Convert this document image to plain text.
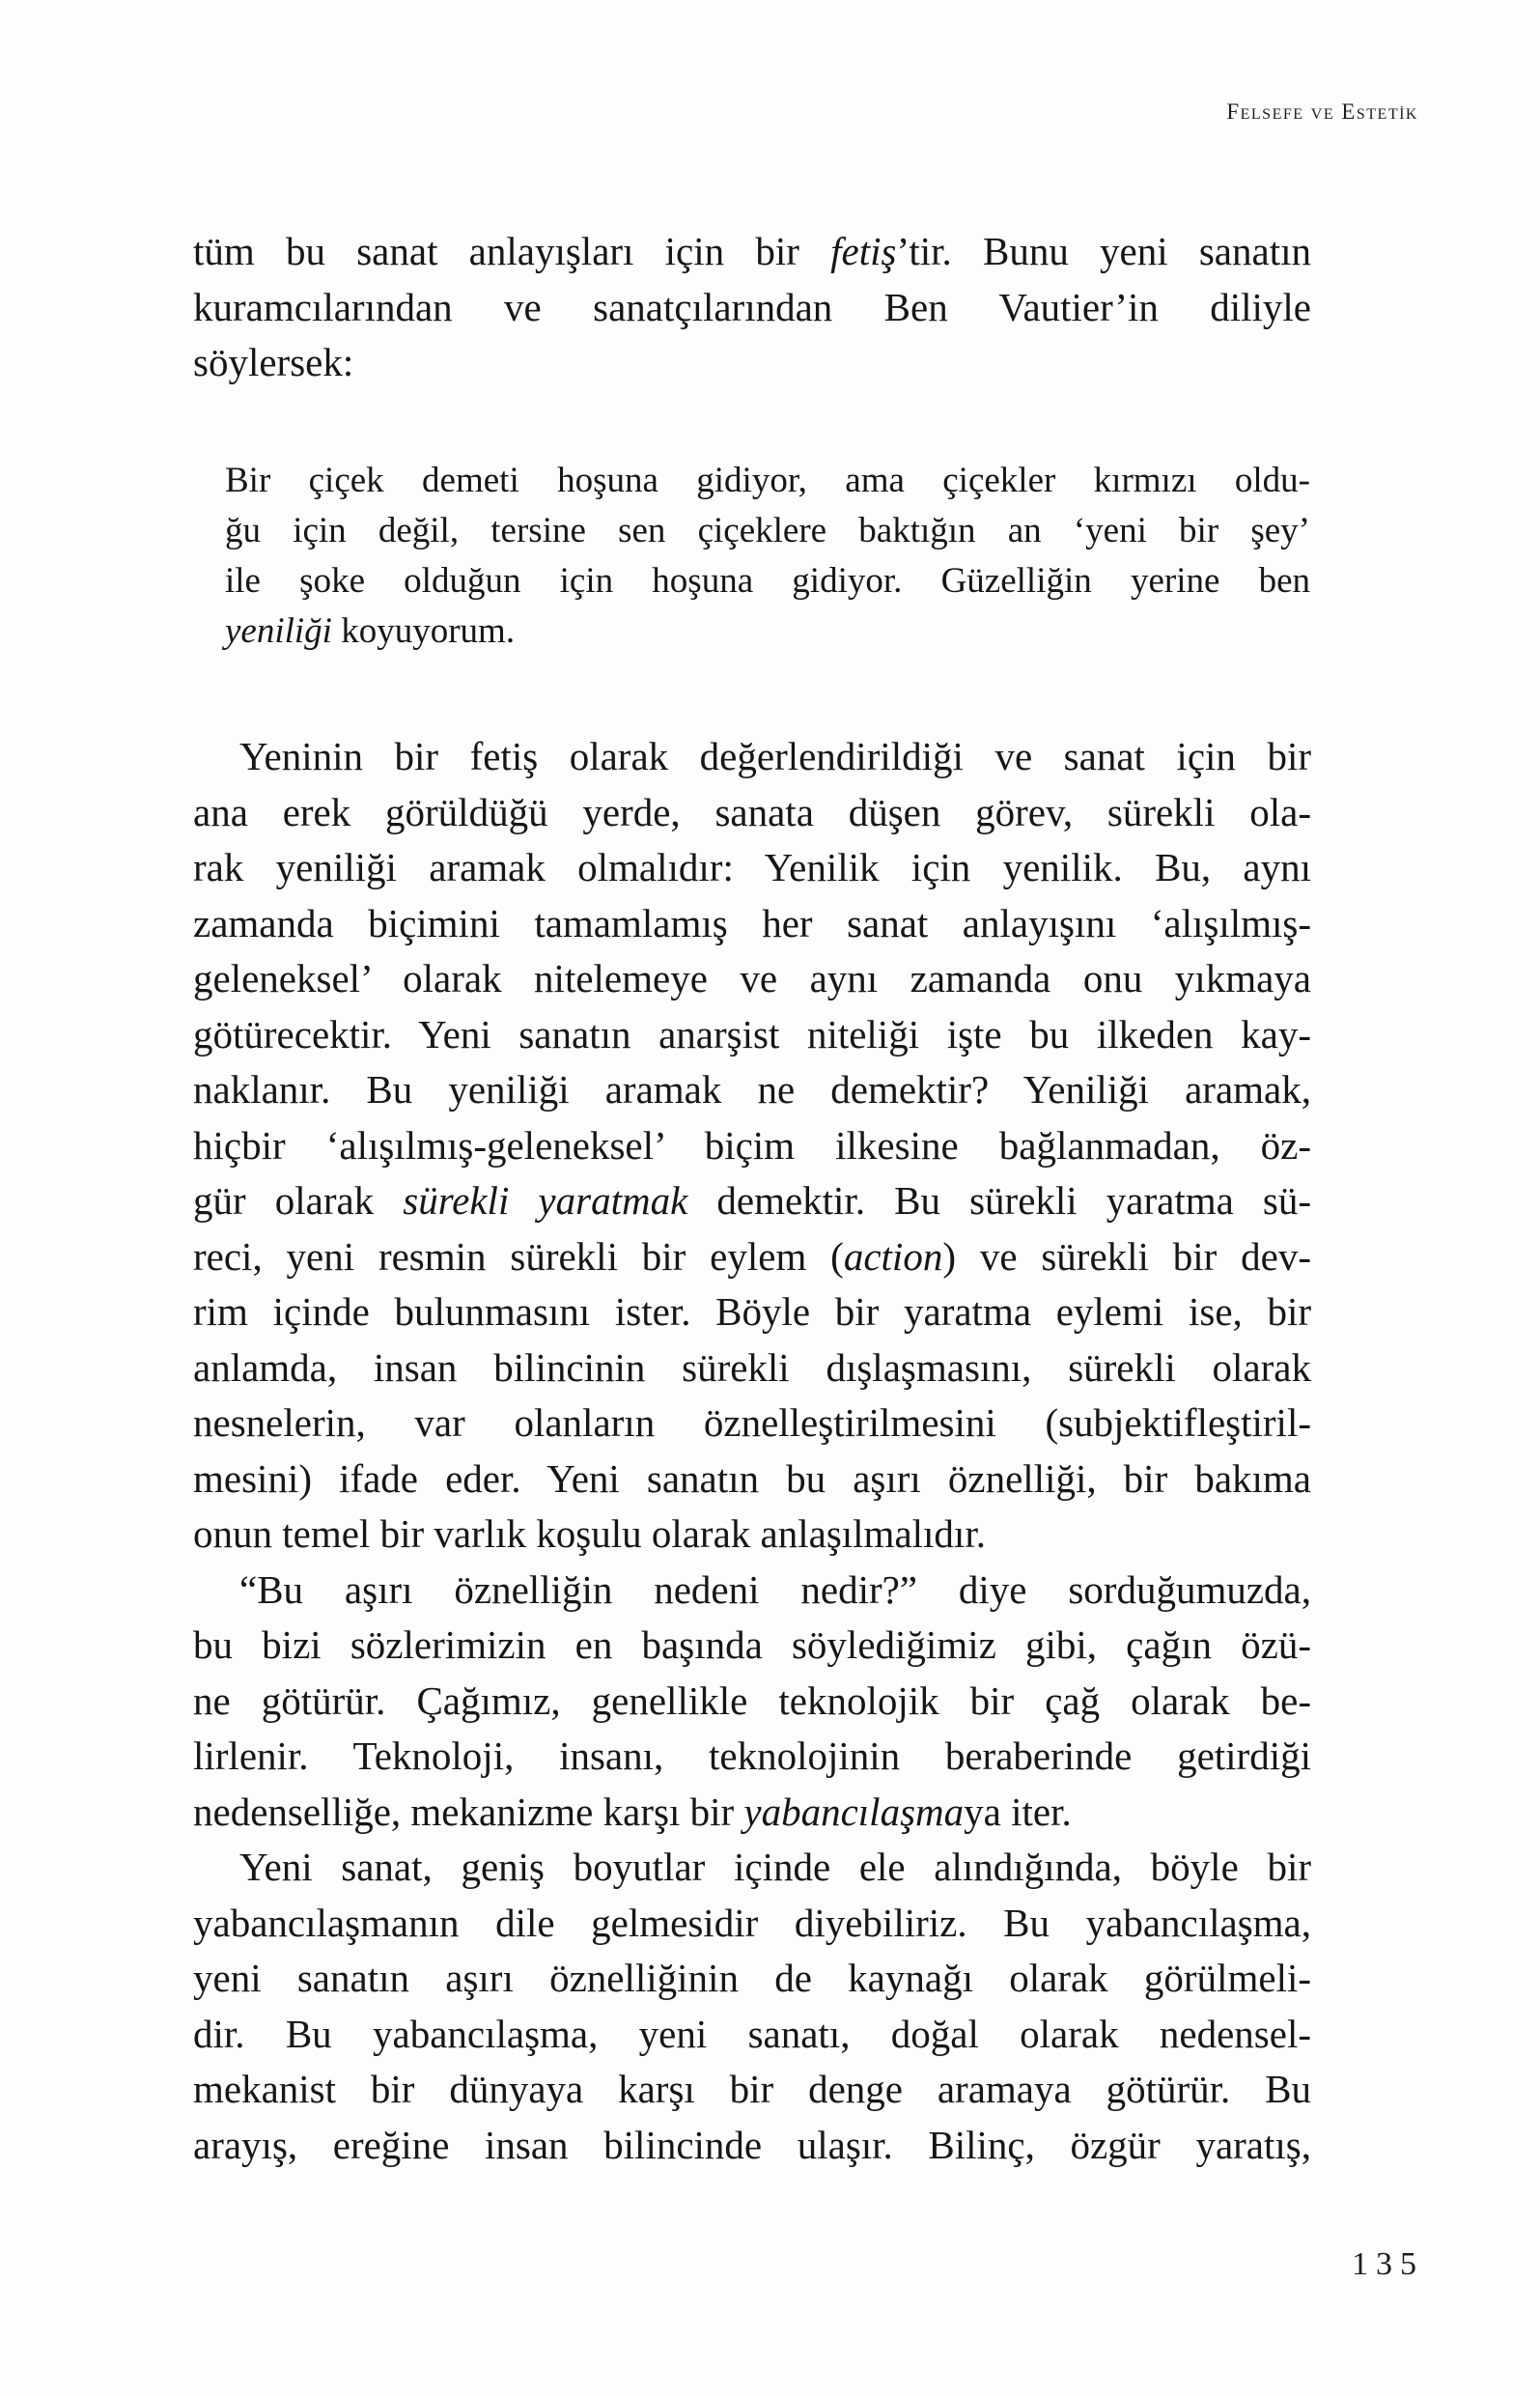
Felsefe ve Estetik
tüm bu sanat anlayışları için bir fetiş’tir. Bunu yeni sanatın
kuramcılarından ve sanatçılarından Ben Vautier’in diliyle
söylersek:
Bir çiçek demeti hoşuna gidiyor, ama çiçekler kırmızı oldu-
ğu için değil, tersine sen çiçeklere baktığın an ‘yeni bir şey’
ile şoke olduğun için hoşuna gidiyor. Güzelliğin yerine ben
yeniliği koyuyorum.
Yeninin bir fetiş olarak değerlendirildiği ve sanat için bir
ana erek görüldüğü yerde, sanata düşen görev, sürekli ola-
rak yeniliği aramak olmalıdır: Yenilik için yenilik. Bu, aynı
zamanda biçimini tamamlamış her sanat anlayışını ‘alışılmış-
geleneksel’ olarak nitelemeye ve aynı zamanda onu yıkmaya
götürecektir. Yeni sanatın anarşist niteliği işte bu ilkeden kay-
naklanır. Bu yeniliği aramak ne demektir? Yeniliği aramak,
hiçbir ‘alışılmış-geleneksel’ biçim ilkesine bağlanmadan, öz-
gür olarak sürekli yaratmak demektir. Bu sürekli yaratma sü-
reci, yeni resmin sürekli bir eylem (action) ve sürekli bir dev-
rim içinde bulunmasını ister. Böyle bir yaratma eylemi ise, bir
anlamda, insan bilincinin sürekli dışlaşmasını, sürekli olarak
nesnelerin, var olanların öznelleştirilmesini (subjektifleştiril-
mesini) ifade eder. Yeni sanatın bu aşırı öznelliği, bir bakıma
onun temel bir varlık koşulu olarak anlaşılmalıdır.
“Bu aşırı öznelliğin nedeni nedir?” diye sorduğumuzda,
bu bizi sözlerimizin en başında söylediğimiz gibi, çağın özü-
ne götürür. Çağımız, genellikle teknolojik bir çağ olarak be-
lirlenir. Teknoloji, insanı, teknolojinin beraberinde getirdiği
nedenselliğe, mekanizme karşı bir yabancılaşmaya iter.
Yeni sanat, geniş boyutlar içinde ele alındığında, böyle bir
yabancılaşmanın dile gelmesidir diyebiliriz. Bu yabancılaşma,
yeni sanatın aşırı öznelliğinin de kaynağı olarak görülmeli-
dir. Bu yabancılaşma, yeni sanatı, doğal olarak nedensel-
mekanist bir dünyaya karşı bir denge aramaya götürür. Bu
arayış, ereğine insan bilincinde ulaşır. Bilinç, özgür yaratış,
135
